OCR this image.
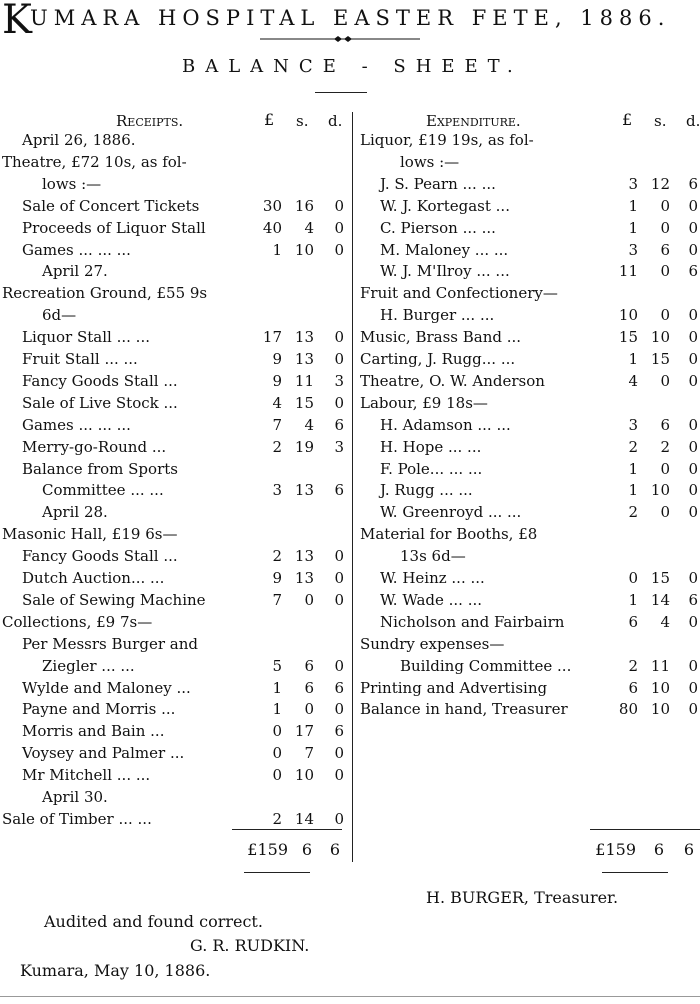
K
UMARA HOSPITAL EASTER FETE, 1886.
BALANCE - SHEET.
Receipts.	£ s. d.
April 26, 1886.
Theatre, £72 10s, as fol-
lows :—
Sale of Concert Tickets	30 16	0
Proceeds of Liquor Stall	40	4	0
Games ... ... ...	1 10	0
April 27.
Recreation Ground, £55 9s
6d—
Liquor Stall ... ...	17 13	0
Fruit Stall ... ...	9 13	0
Fancy Goods Stall ...	9 11	3
Sale of Live Stock ...	4 15	0
Games ... ... ...	7	4	6
Merry-go-Round ...	2 19	3
Balance from Sports
Committee ... ...	3 13	6
April 28.
Masonic Hall, £19 6s—
Fancy Goods Stall ...	2 13	0
Dutch Auction... ...	9 13	0
Sale of Sewing Machine	7	0	0
Collections, £9 7s—
Per Messrs Burger and
Ziegler ... ...	5	6	0
Wylde and Maloney ...	1	6	6
Payne and Morris ...	1	0	0
Morris and Bain ...	0 17	6
Voysey and Palmer ...	0	7	0
Mr Mitchell ... ...	0 10	0
April 30.
Sale of Timber ... ...	2 14	0
£159 6	6
Expenditure.	£ s. d.
Liquor, £19 19s, as fol-
lows :—
J. S. Pearn ... ...	3 12	6
W. J. Kortegast ...	1	0	0
C. Pierson ... ...	1	0	0
M. Maloney ... ...	3	6	0
W. J. M'Ilroy ... ...	11	0	6
Fruit and Confectionery—
H. Burger ... ...	10	0	0
Music, Brass Band ...	15 10	0
Carting, J. Rugg... ...	1 15	0
Theatre, O. W. Anderson	4	0	0
Labour, £9 18s—
H. Adamson ... ...	3	6	0
H. Hope ... ...	2	2	0
F. Pole... ... ...	1	0	0
J. Rugg ... ...	1 10	0
W. Greenroyd ... ...	2	0	0
Material for Booths, £8
13s 6d—
W. Heinz ... ...	0 15	0
W. Wade ... ...	1 14	6
Nicholson and Fairbairn	6	4	0
Sundry expenses—
Building Committee ...	2 11	0
Printing and Advertising	6 10	0
Balance in hand, Treasurer	80 10	0
£159	6	6
H. BURGER, Treasurer.
Audited and found correct.
G. R. RUDKIN.
Kumara, May 10, 1886.
